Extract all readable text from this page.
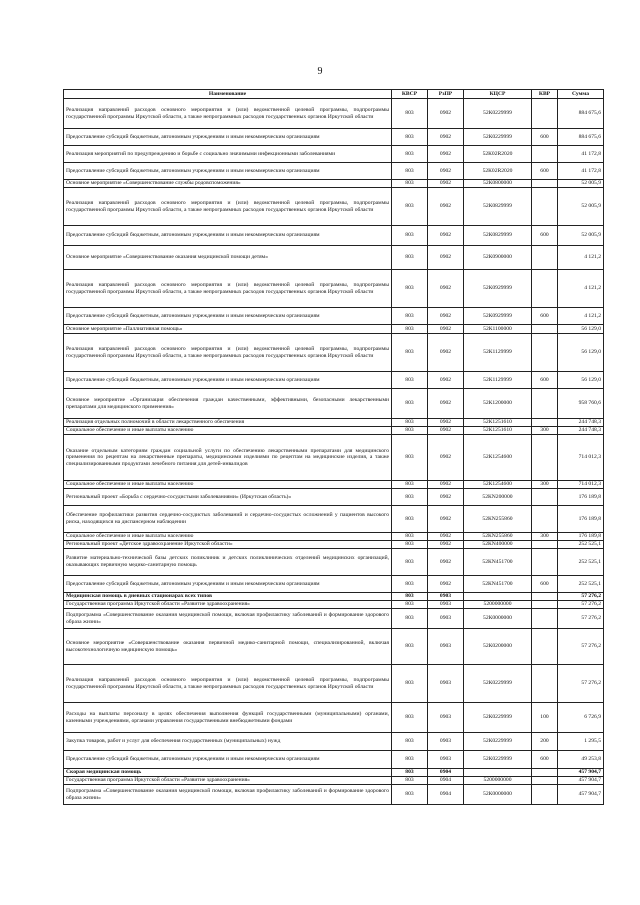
9
Наименование	КВСР	РзПР	КЦСР	КВР	Сумма
Реализация направлений расходов основного мероприятия и (или) ведомственной целевой программы, подпрограммы государственной программы Иркутской области, а также непрограммных расходов государственных органов Иркутской области	803	0902	52К0229999		884 675,6
Предоставление субсидий бюджетным, автономным учреждениям и иным некоммерческим организациям	803	0902	52К0229999	600	884 675,6
Реализация мероприятий по предупреждению и борьбе с социально значимыми инфекционными заболеваниями	803	0902	52К02R2020		41 172,8
Предоставление субсидий бюджетным, автономным учреждениям и иным некоммерческим организациям	803	0902	52К02R2020	600	41 172,8
Основное мероприятие «Совершенствование службы родовспоможения»	803	0902	52К0800000		52 005,9
Реализация направлений расходов основного мероприятия и (или) ведомственной целевой программы, подпрограммы государственной программы Иркутской области, а также непрограммных расходов государственных органов Иркутской области	803	0902	52К0829999		52 005,9
Предоставление субсидий бюджетным, автономным учреждениям и иным некоммерческим организациям	803	0902	52К0829999	600	52 005,9
Основное мероприятие «Совершенствование оказания медицинской помощи детям»	803	0902	52К0900000		4 121,2
Реализация направлений расходов основного мероприятия и (или) ведомственной целевой программы, подпрограммы государственной программы Иркутской области, а также непрограммных расходов государственных органов Иркутской области	803	0902	52К0929999		4 121,2
Предоставление субсидий бюджетным, автономным учреждениям и иным некоммерческим организациям	803	0902	52К0929999	600	4 121,2
Основное мероприятие «Паллиативная помощь»	803	0902	52К1100000		56 129,0
Реализация направлений расходов основного мероприятия и (или) ведомственной целевой программы, подпрограммы государственной программы Иркутской области, а также непрограммных расходов государственных органов Иркутской области	803	0902	52К1129999		56 129,0
Предоставление субсидий бюджетным, автономным учреждениям и иным некоммерческим организациям	803	0902	52К1129999	600	56 129,0
Основное мероприятие «Организация обеспечения граждан качественными, эффективными, безопасными лекарственными препаратами для медицинского применения»	803	0902	52К1200000		958 760,6
Реализация отдельных полномочий в области лекарственного обеспечения	803	0902	52К1251610		244 748,3
Социальное обеспечение и иные выплаты населению	803	0902	52К1251610	300	244 748,3
Оказание отдельным категориям граждан социальной услуги по обеспечению лекарственными препаратами для медицинского применения по рецептам на лекарственные препараты, медицинскими изделиями по рецептам на медицинские изделия, а также специализированными продуктами лечебного питания для детей-инвалидов	803	0902	52К1254600		714 012,3
Социальное обеспечение и иные выплаты населению	803	0902	52К1254600	300	714 012,3
Региональный проект «Борьба с сердечно-сосудистыми заболеваниями» (Иркутская область)»	803	0902	52КN200000		176 189,8
Обеспечение профилактики развития сердечно-сосудистых заболеваний и сердечно-сосудистых осложнений у пациентов высокого риска, находящихся на диспансерном наблюдении	803	0902	52КN255860		176 189,8
Социальное обеспечение и иные выплаты населению	803	0902	52КN255860	300	176 189,8
Региональный проект «Детское здравоохранение Иркутской области»	803	0902	52КN400000		252 525,1
Развитие материально-технической базы детских поликлиник и детских поликлинических отделений медицинских организаций, оказывающих первичную медико-санитарную помощь	803	0902	52КN451700		252 525,1
Предоставление субсидий бюджетным, автономным учреждениям и иным некоммерческим организациям	803	0902	52КN451700	600	252 525,1
Медицинская помощь в дневных стационарах всех типов	803	0903			57 276,2
Государственная программа Иркутской области «Развитие здравоохранения»	803	0903	5200000000		57 276,2
Подпрограмма «Совершенствование оказания медицинской помощи, включая профилактику заболеваний и формирование здорового образа жизни»	803	0903	52К0000000		57 276,2
Основное мероприятие «Совершенствование оказания первичной медико-санитарной помощи, специализированной, включая высокотехнологичную медицинскую помощь»	803	0903	52К0200000		57 276,2
Реализация направлений расходов основного мероприятия и (или) ведомственной целевой программы, подпрограммы государственной программы Иркутской области, а также непрограммных расходов государственных органов Иркутской области	803	0903	52К0229999		57 276,2
Расходы на выплаты персоналу в целях обеспечения выполнения функций государственными (муниципальными) органами, казенными учреждениями, органами управления государственными внебюджетными фондами	803	0903	52К0229999	100	6 726,9
Закупка товаров, работ и услуг для обеспечения государственных (муниципальных) нужд	803	0903	52К0229999	200	1 295,5
Предоставление субсидий бюджетным, автономным учреждениям и иным некоммерческим организациям	803	0903	52К0229999	600	49 253,8
Скорая медицинская помощь	803	0904			457 904,7
Государственная программа Иркутской области «Развитие здравоохранения»	803	0904	5200000000		457 904,7
Подпрограмма «Совершенствование оказания медицинской помощи, включая профилактику заболеваний и формирование здорового образа жизни»	803	0904	52К0000000		457 904,7
